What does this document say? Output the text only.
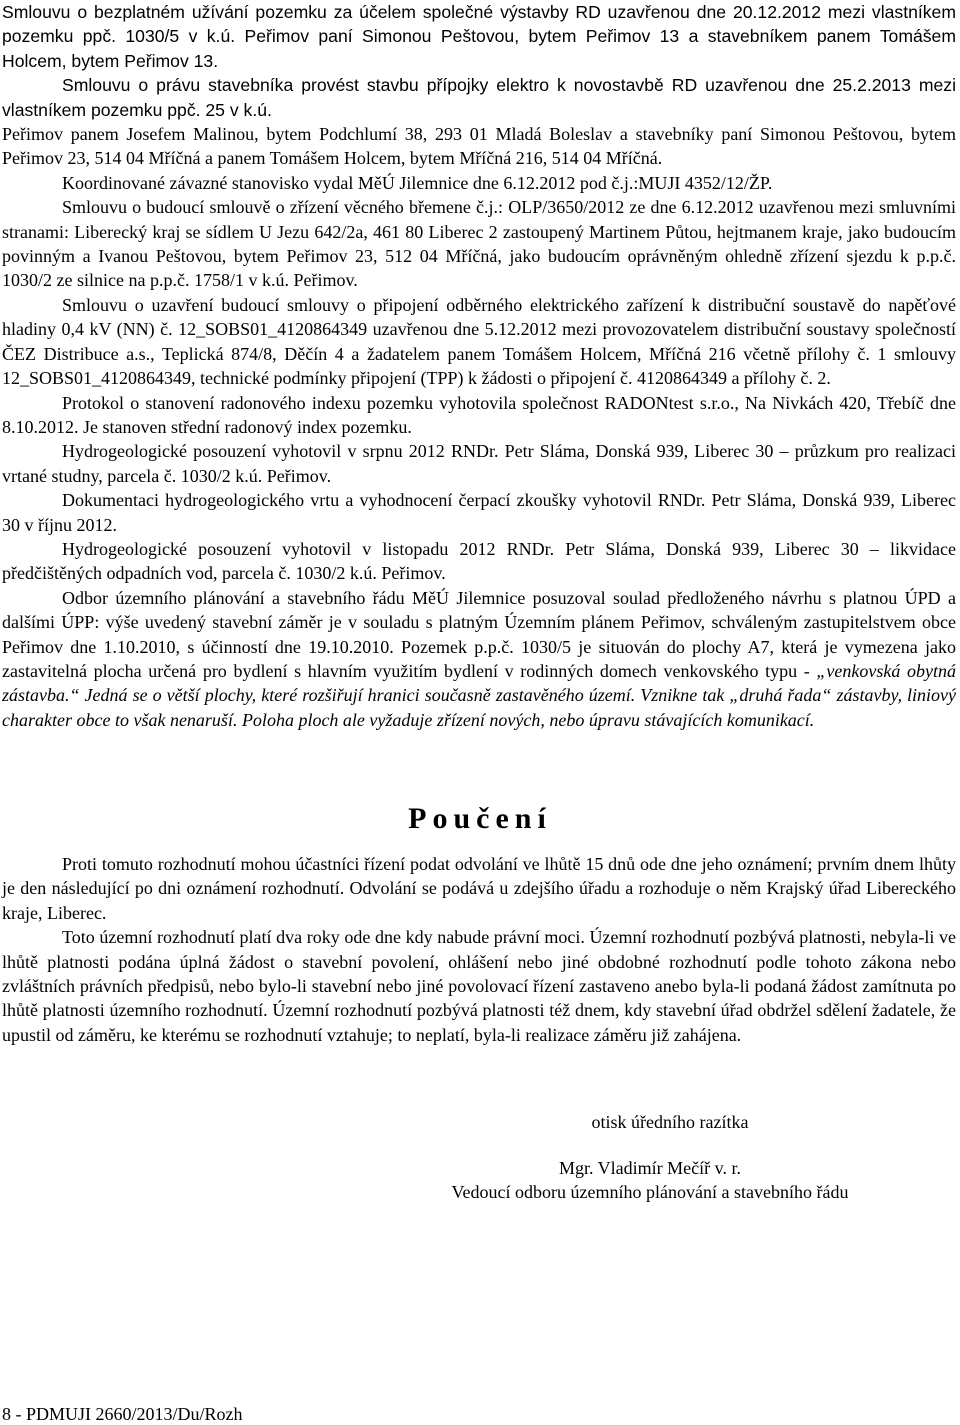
Smlouvu o bezplatném užívání pozemku za účelem společné výstavby RD uzavřenou dne 20.12.2012 mezi vlastníkem pozemku ppč. 1030/5 v k.ú. Peřimov paní Simonou Peštovou, bytem Peřimov 13 a stavebníkem panem Tomášem Holcem, bytem Peřimov 13.

Smlouvu o právu stavebníka provést stavbu přípojky elektro k novostavbě RD uzavřenou dne 25.2.2013 mezi vlastníkem pozemku ppč. 25 v k.ú.

Peřimov panem Josefem Malinou, bytem Podchlumí 38, 293 01 Mladá Boleslav a stavebníky paní Simonou Peštovou, bytem Peřimov 23, 514 04 Mříčná a panem Tomášem Holcem, bytem Mříčná 216, 514 04 Mříčná.

Koordinované závazné stanovisko vydal MěÚ Jilemnice dne 6.12.2012 pod č.j.:MUJI 4352/12/ŽP.

Smlouvu o budoucí smlouvě o zřízení věcného břemene č.j.: OLP/3650/2012 ze dne 6.12.2012 uzavřenou mezi smluvními stranami: Liberecký kraj se sídlem U Jezu 642/2a, 461 80 Liberec 2 zastoupený Martinem Půtou, hejtmanem kraje, jako budoucím povinným a Ivanou Peštovou, bytem Peřimov 23, 512 04 Mříčná, jako budoucím oprávněným ohledně zřízení sjezdu k p.p.č. 1030/2 ze silnice na p.p.č. 1758/1 v k.ú. Peřimov.

Smlouvu o uzavření budoucí smlouvy o připojení odběrného elektrického zařízení k distribuční soustavě do napěťové hladiny 0,4 kV (NN) č. 12_SOBS01_4120864349 uzavřenou dne 5.12.2012 mezi provozovatelem distribuční soustavy společností ČEZ Distribuce a.s., Teplická 874/8, Děčín 4 a žadatelem panem Tomášem Holcem, Mříčná 216 včetně přílohy č. 1 smlouvy 12_SOBS01_4120864349, technické podmínky připojení (TPP) k žádosti o připojení č. 4120864349 a přílohy č. 2.

Protokol o stanovení radonového indexu pozemku vyhotovila společnost RADONtest s.r.o., Na Nivkách 420, Třebíč dne 8.10.2012. Je stanoven střední radonový index pozemku.

Hydrogeologické posouzení vyhotovil v srpnu 2012 RNDr. Petr Sláma, Donská 939, Liberec 30 – průzkum pro realizaci vrtané studny, parcela č. 1030/2 k.ú. Peřimov.

Dokumentaci hydrogeologického vrtu a vyhodnocení čerpací zkoušky vyhotovil RNDr. Petr Sláma, Donská 939, Liberec 30 v říjnu 2012.

Hydrogeologické posouzení vyhotovil v listopadu 2012 RNDr. Petr Sláma, Donská 939, Liberec 30 – likvidace předčištěných odpadních vod, parcela č. 1030/2 k.ú. Peřimov.

Odbor územního plánování a stavebního řádu MěÚ Jilemnice posuzoval soulad předloženého návrhu s platnou ÚPD a dalšími ÚPP: výše uvedený stavební záměr je v souladu s platným Územním plánem Peřimov, schváleným zastupitelstvem obce Peřimov dne 1.10.2010, s účinností dne 19.10.2010. Pozemek p.p.č. 1030/5 je situován do plochy A7, která je vymezena jako zastavitelná plocha určená pro bydlení s hlavním využitím bydlení v rodinných domech venkovského typu - „venkovská obytná zástavba.“ Jedná se o větší plochy, které rozšiřují hranici současně zastavěného území. Vznikne tak „druhá řada“ zástavby, liniový charakter obce to však nenaruší. Poloha ploch ale vyžaduje zřízení nových, nebo úpravu stávajících komunikací.

Poučení

Proti tomuto rozhodnutí mohou účastníci řízení podat odvolání ve lhůtě 15 dnů ode dne jeho oznámení; prvním dnem lhůty je den následující po dni oznámení rozhodnutí. Odvolání se podává u zdejšího úřadu a rozhoduje o něm Krajský úřad Libereckého kraje, Liberec.

Toto územní rozhodnutí platí dva roky ode dne kdy nabude právní moci. Územní rozhodnutí pozbývá platnosti, nebyla-li ve lhůtě platnosti podána úplná žádost o stavební povolení, ohlášení nebo jiné obdobné rozhodnutí podle tohoto zákona nebo zvláštních právních předpisů, nebo bylo-li stavební nebo jiné povolovací řízení zastaveno anebo byla-li podaná žádost zamítnuta po lhůtě platnosti územního rozhodnutí. Územní rozhodnutí pozbývá platnosti též dnem, kdy stavební úřad obdržel sdělení žadatele, že upustil od záměru, ke kterému se rozhodnutí vztahuje; to neplatí, byla-li realizace záměru již zahájena.

otisk úředního razítka
Mgr. Vladimír Mečíř v. r.
Vedoucí odboru územního plánování a stavebního řádu
8 - PDMUJI 2660/2013/Du/Rozh
